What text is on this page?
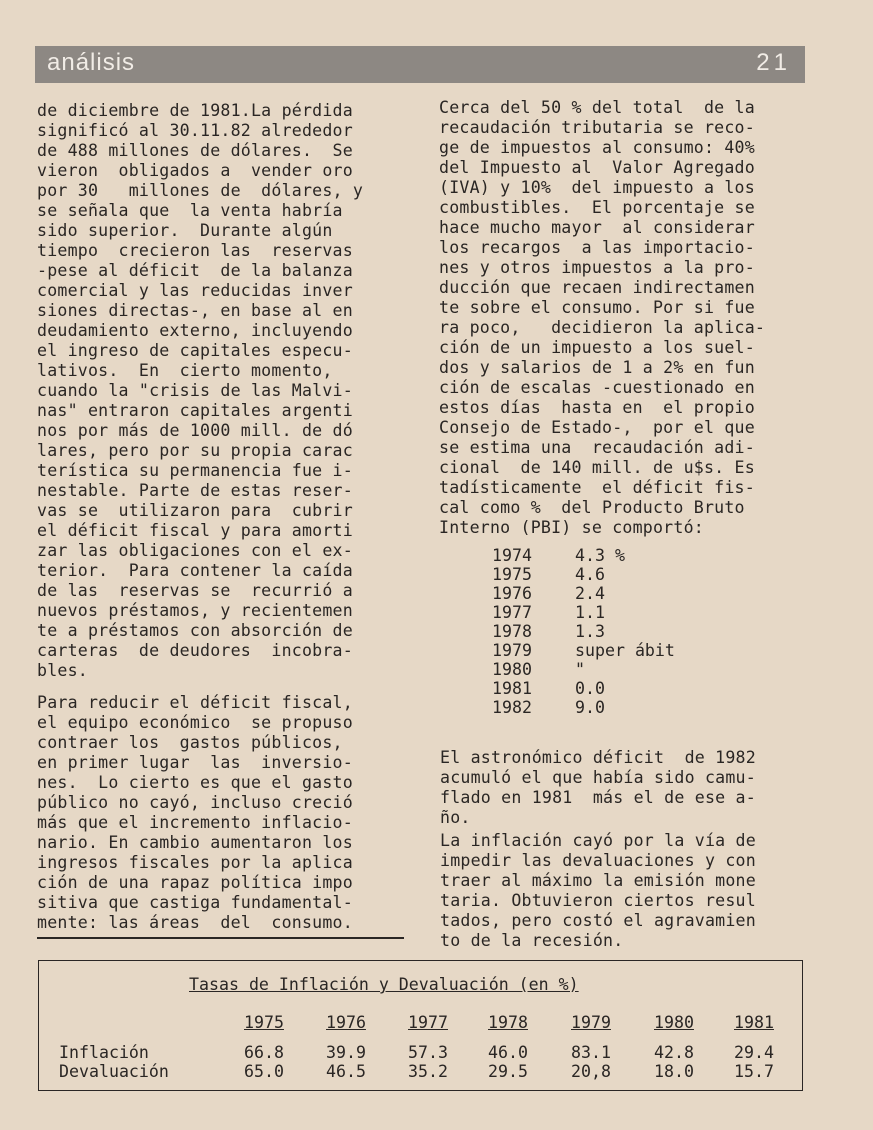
análisis	21
de diciembre de 1981.La pérdida
significó al 30.11.82 alrededor
de 488 millones de dólares.  Se
vieron  obligados a  vender oro
por 30   millones de  dólares, y
se señala que  la venta habría
sido superior.  Durante algún
tiempo  crecieron las  reservas
-pese al déficit  de la balanza
comercial y las reducidas inver
siones directas-, en base al en
deudamiento externo, incluyendo
el ingreso de capitales especu-
lativos.  En  cierto momento,
cuando la "crisis de las Malvi-
nas" entraron capitales argenti
nos por más de 1000 mill. de dó
lares, pero por su propia carac
terística su permanencia fue i-
nestable. Parte de estas reser-
vas se  utilizaron para  cubrir
el déficit fiscal y para amorti
zar las obligaciones con el ex-
terior.  Para contener la caída
de las  reservas se  recurrió a
nuevos préstamos, y recientemen
te a préstamos con absorción de
carteras  de deudores  incobra-
bles.
Para reducir el déficit fiscal,
el equipo económico  se propuso
contraer los  gastos públicos,
en primer lugar  las  inversio-
nes.  Lo cierto es que el gasto
público no cayó, incluso creció
más que el incremento inflacio-
nario. En cambio aumentaron los
ingresos fiscales por la aplica
ción de una rapaz política impo
sitiva que castiga fundamental-
mente: las áreas  del  consumo.
Cerca del 50 % del total  de la
recaudación tributaria se reco-
ge de impuestos al consumo: 40%
del Impuesto al  Valor Agregado
(IVA) y 10%  del impuesto a los
combustibles.  El porcentaje se
hace mucho mayor  al considerar
los recargos  a las importacio-
nes y otros impuestos a la pro-
ducción que recaen indirectamen
te sobre el consumo. Por si fue
ra poco,   decidieron la aplica-
ción de un impuesto a los suel-
dos y salarios de 1 a 2% en fun
ción de escalas -cuestionado en
estos días  hasta en  el propio
Consejo de Estado-,  por el que
se estima una  recaudación adi-
cional  de 140 mill. de u$s. Es
tadísticamente  el déficit fis-
cal como %  del Producto Bruto
Interno (PBI) se comportó:
1974	4.3 %
1975	4.6
1976	2.4
1977	1.1
1978	1.3
1979	super ábit
1980	"
1981	0.0
1982	9.0
El astronómico déficit  de 1982
acumuló el que había sido camu-
flado en 1981  más el de ese a-
ño.
La inflación cayó por la vía de
impedir las devaluaciones y con
traer al máximo la emisión mone
taria. Obtuvieron ciertos resul
tados, pero costó el agravamien
to de la recesión.
Tasas de Inflación y Devaluación (en %)
1975	1976	1977 1978	1979	1980 1981
Inflación	66.8	39.9	57.3 46.0	83.1	42.8 29.4
Devaluación	65.0	46.5	35.2 29.5	20,8	18.0 15.7
